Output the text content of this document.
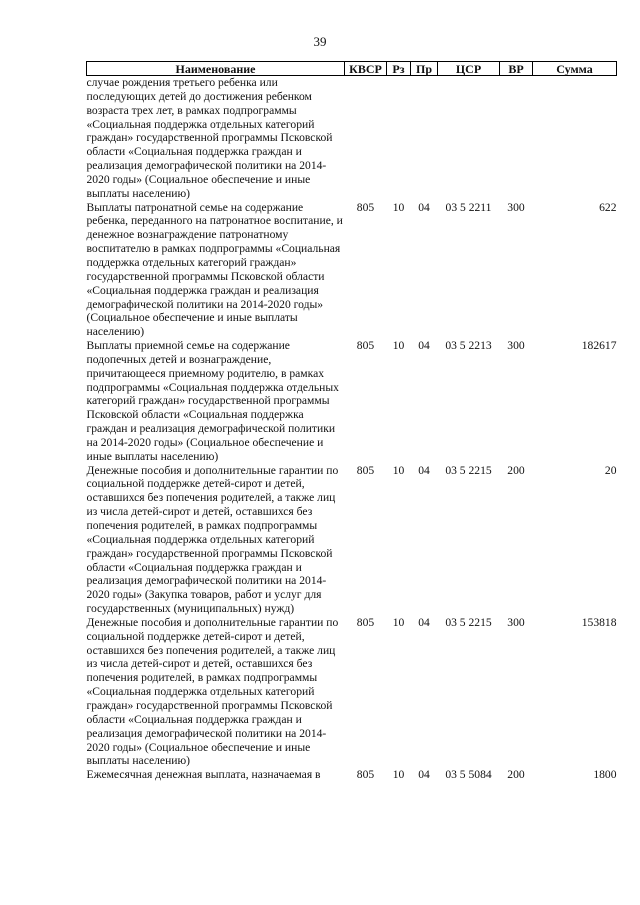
39
Наименование	КВСР	Рз	Пр	ЦСР	ВР	Сумма
случае рождения третьего ребенка или последующих детей до достижения ребенком возраста трех лет, в рамках подпрограммы «Социальная поддержка отдельных категорий граждан» государственной программы Псковской области «Социальная поддержка граждан и реализация демографической политики на 2014-2020 годы» (Социальное обеспечение и иные выплаты населению)						
Выплаты патронатной семье на содержание ребенка, переданного на патронатное воспитание, и денежное вознаграждение патронатному воспитателю в рамках подпрограммы «Социальная поддержка отдельных категорий граждан» государственной программы Псковской области «Социальная поддержка граждан и реализация демографической политики на 2014-2020 годы» (Социальное обеспечение и иные выплаты населению)	805	10	04	03 5 2211	300	622
Выплаты приемной семье на содержание подопечных детей и вознаграждение, причитающееся приемному родителю, в рамках подпрограммы «Социальная поддержка отдельных категорий граждан» государственной программы Псковской области «Социальная поддержка граждан и реализация демографической политики на 2014-2020 годы» (Социальное обеспечение и иные выплаты населению)	805	10	04	03 5 2213	300	182617
Денежные пособия и дополнительные гарантии по социальной поддержке детей-сирот и детей, оставшихся без попечения родителей, а также лиц из числа детей-сирот и детей, оставшихся без попечения родителей, в рамках подпрограммы «Социальная поддержка отдельных категорий граждан» государственной программы Псковской области «Социальная поддержка граждан и реализация демографической политики на 2014-2020 годы» (Закупка товаров, работ и услуг для государственных (муниципальных) нужд)	805	10	04	03 5 2215	200	20
Денежные пособия и дополнительные гарантии по социальной поддержке детей-сирот и детей, оставшихся без попечения родителей, а также лиц из числа детей-сирот и детей, оставшихся без попечения родителей, в рамках подпрограммы «Социальная поддержка отдельных категорий граждан» государственной программы Псковской области «Социальная поддержка граждан и реализация демографической политики на 2014-2020 годы» (Социальное обеспечение и иные выплаты населению)	805	10	04	03 5 2215	300	153818
Ежемесячная денежная выплата, назначаемая в	805	10	04	03 5 5084	200	1800
